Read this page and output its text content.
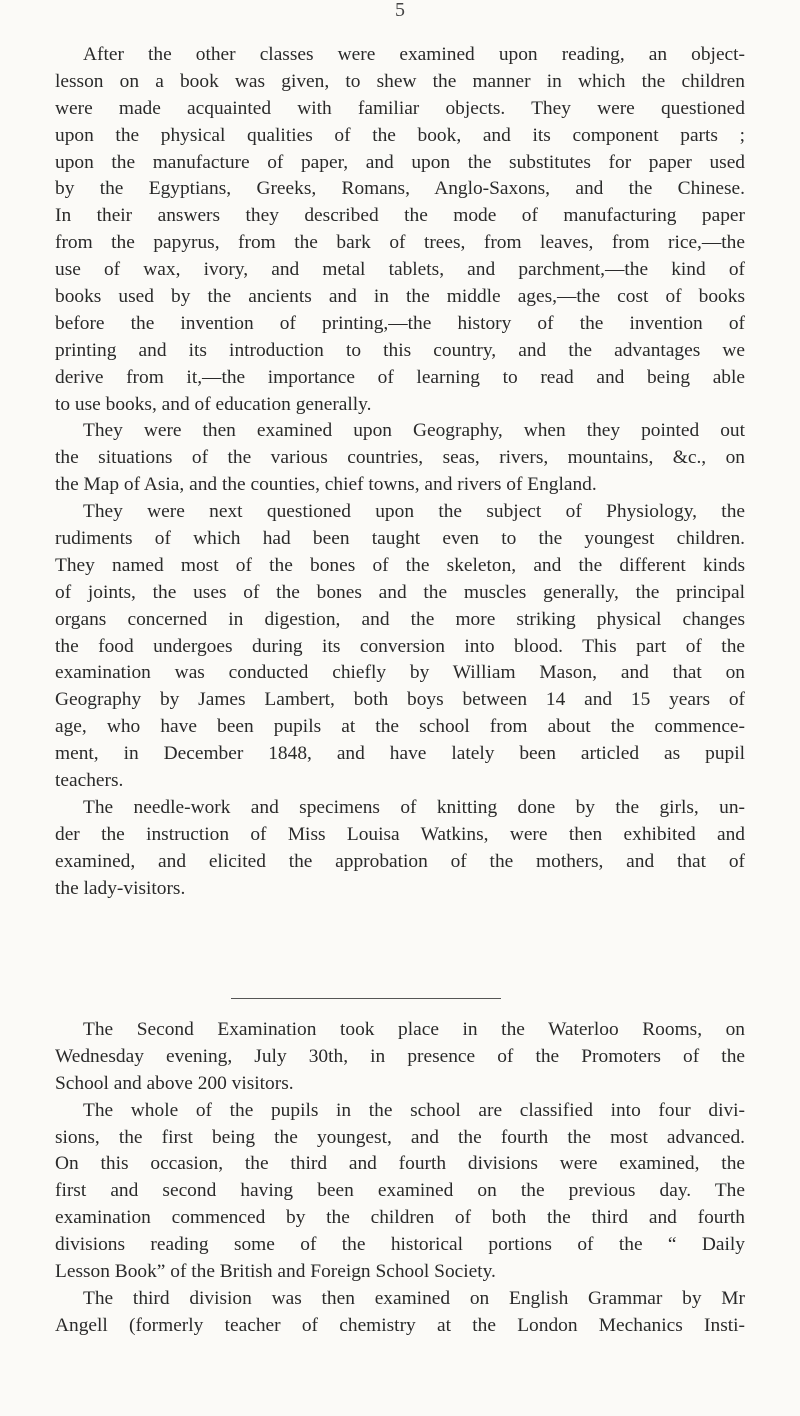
5
After the other classes were examined upon reading, an object-
lesson on a book was given, to shew the manner in which the children
were made acquainted with familiar objects. They were questioned
upon the physical qualities of the book, and its component parts ;
upon the manufacture of paper, and upon the substitutes for paper used
by the Egyptians, Greeks, Romans, Anglo-Saxons, and the Chinese.
In their answers they described the mode of manufacturing paper
from the papyrus, from the bark of trees, from leaves, from rice,—the
use of wax, ivory, and metal tablets, and parchment,—the kind of
books used by the ancients and in the middle ages,—the cost of books
before the invention of printing,—the history of the invention of
printing and its introduction to this country, and the advantages we
derive from it,—the importance of learning to read and being able
to use books, and of education generally.
They were then examined upon Geography, when they pointed out
the situations of the various countries, seas, rivers, mountains, &c., on
the Map of Asia, and the counties, chief towns, and rivers of England.
They were next questioned upon the subject of Physiology, the
rudiments of which had been taught even to the youngest children.
They named most of the bones of the skeleton, and the different kinds
of joints, the uses of the bones and the muscles generally, the principal
organs concerned in digestion, and the more striking physical changes
the food undergoes during its conversion into blood. This part of the
examination was conducted chiefly by William Mason, and that on
Geography by James Lambert, both boys between 14 and 15 years of
age, who have been pupils at the school from about the commence-
ment, in December 1848, and have lately been articled as pupil
teachers.
The needle-work and specimens of knitting done by the girls, un-
der the instruction of Miss Louisa Watkins, were then exhibited and
examined, and elicited the approbation of the mothers, and that of
the lady-visitors.
The Second Examination took place in the Waterloo Rooms, on
Wednesday evening, July 30th, in presence of the Promoters of the
School and above 200 visitors.
The whole of the pupils in the school are classified into four divi-
sions, the first being the youngest, and the fourth the most advanced.
On this occasion, the third and fourth divisions were examined, the
first and second having been examined on the previous day. The
examination commenced by the children of both the third and fourth
divisions reading some of the historical portions of the “ Daily
Lesson Book” of the British and Foreign School Society.
The third division was then examined on English Grammar by Mr
Angell (formerly teacher of chemistry at the London Mechanics Insti-
